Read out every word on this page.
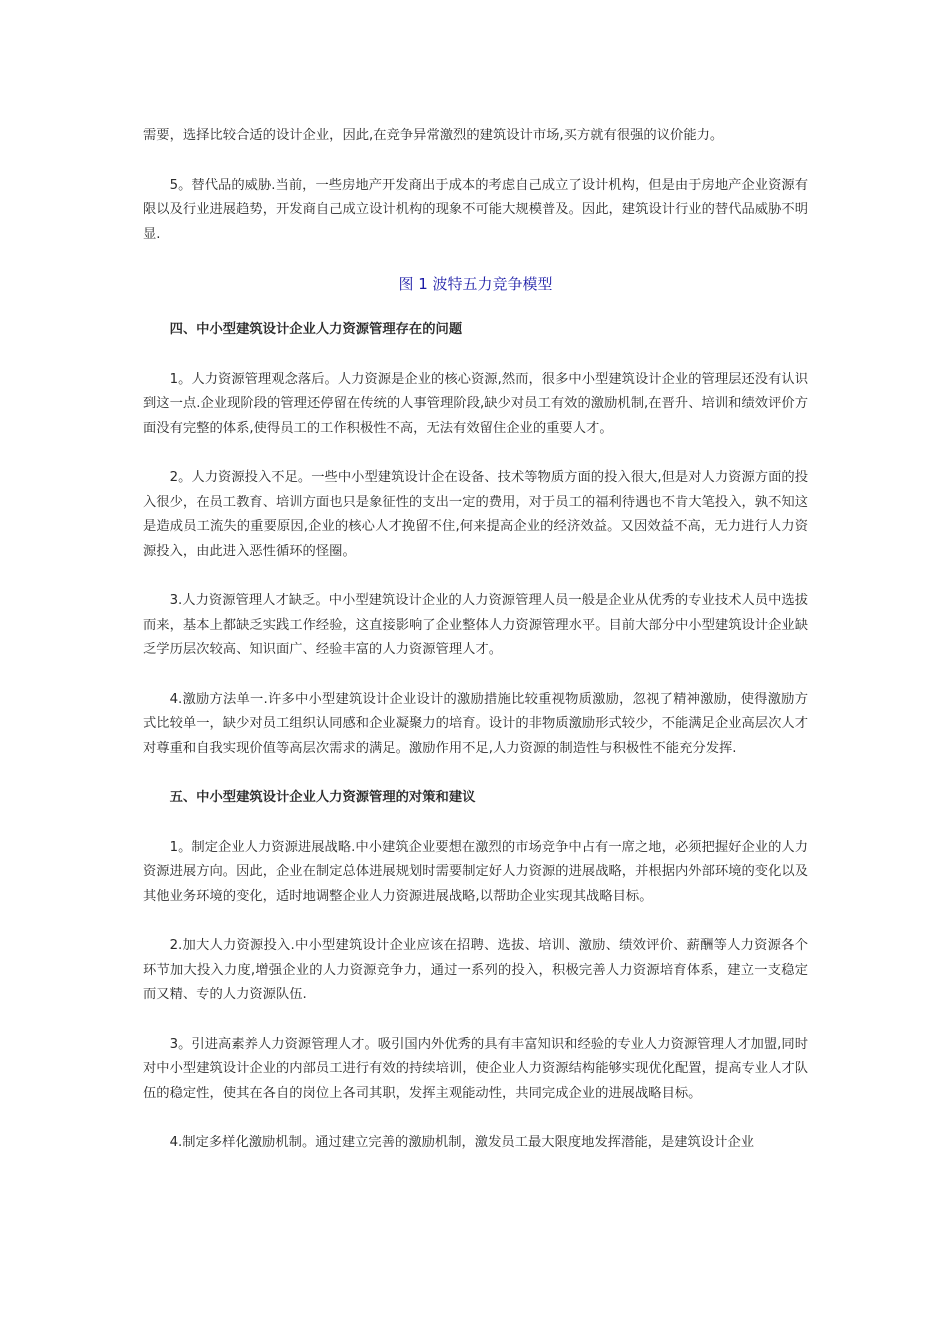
需要，选择比较合适的设计企业，因此,在竞争异常激烈的建筑设计市场,买方就有很强的议价能力。

5。替代品的威胁.当前，一些房地产开发商出于成本的考虑自己成立了设计机构，但是由于房地产企业资源有限以及行业进展趋势，开发商自己成立设计机构的现象不可能大规模普及。因此，建筑设计行业的替代品威胁不明显.

图 1 波特五力竞争模型
四、中小型建筑设计企业人力资源管理存在的问题

1。人力资源管理观念落后。人力资源是企业的核心资源,然而，很多中小型建筑设计企业的管理层还没有认识到这一点.企业现阶段的管理还停留在传统的人事管理阶段,缺少对员工有效的激励机制,在晋升、培训和绩效评价方面没有完整的体系,使得员工的工作积极性不高，无法有效留住企业的重要人才。

2。人力资源投入不足。一些中小型建筑设计企在设备、技术等物质方面的投入很大,但是对人力资源方面的投入很少，在员工教育、培训方面也只是象征性的支出一定的费用，对于员工的福利待遇也不肯大笔投入，孰不知这是造成员工流失的重要原因,企业的核心人才挽留不住,何来提高企业的经济效益。又因效益不高，无力进行人力资源投入，由此进入恶性循环的怪圈。

3.人力资源管理人才缺乏。中小型建筑设计企业的人力资源管理人员一般是企业从优秀的专业技术人员中选拔而来，基本上都缺乏实践工作经验，这直接影响了企业整体人力资源管理水平。目前大部分中小型建筑设计企业缺乏学历层次较高、知识面广、经验丰富的人力资源管理人才。

4.激励方法单一.许多中小型建筑设计企业设计的激励措施比较重视物质激励，忽视了精神激励，使得激励方式比较单一，缺少对员工组织认同感和企业凝聚力的培育。设计的非物质激励形式较少，不能满足企业高层次人才对尊重和自我实现价值等高层次需求的满足。激励作用不足,人力资源的制造性与积极性不能充分发挥.

五、中小型建筑设计企业人力资源管理的对策和建议

1。制定企业人力资源进展战略.中小建筑企业要想在激烈的市场竞争中占有一席之地，必须把握好企业的人力资源进展方向。因此，企业在制定总体进展规划时需要制定好人力资源的进展战略，并根据内外部环境的变化以及其他业务环境的变化，适时地调整企业人力资源进展战略,以帮助企业实现其战略目标。

2.加大人力资源投入.中小型建筑设计企业应该在招聘、选拔、培训、激励、绩效评价、薪酬等人力资源各个环节加大投入力度,增强企业的人力资源竞争力，通过一系列的投入，积极完善人力资源培育体系，建立一支稳定而又精、专的人力资源队伍.

3。引进高素养人力资源管理人才。吸引国内外优秀的具有丰富知识和经验的专业人力资源管理人才加盟,同时对中小型建筑设计企业的内部员工进行有效的持续培训，使企业人力资源结构能够实现优化配置，提高专业人才队伍的稳定性，使其在各自的岗位上各司其职，发挥主观能动性，共同完成企业的进展战略目标。

4.制定多样化激励机制。通过建立完善的激励机制，激发员工最大限度地发挥潜能，是建筑设计企业
